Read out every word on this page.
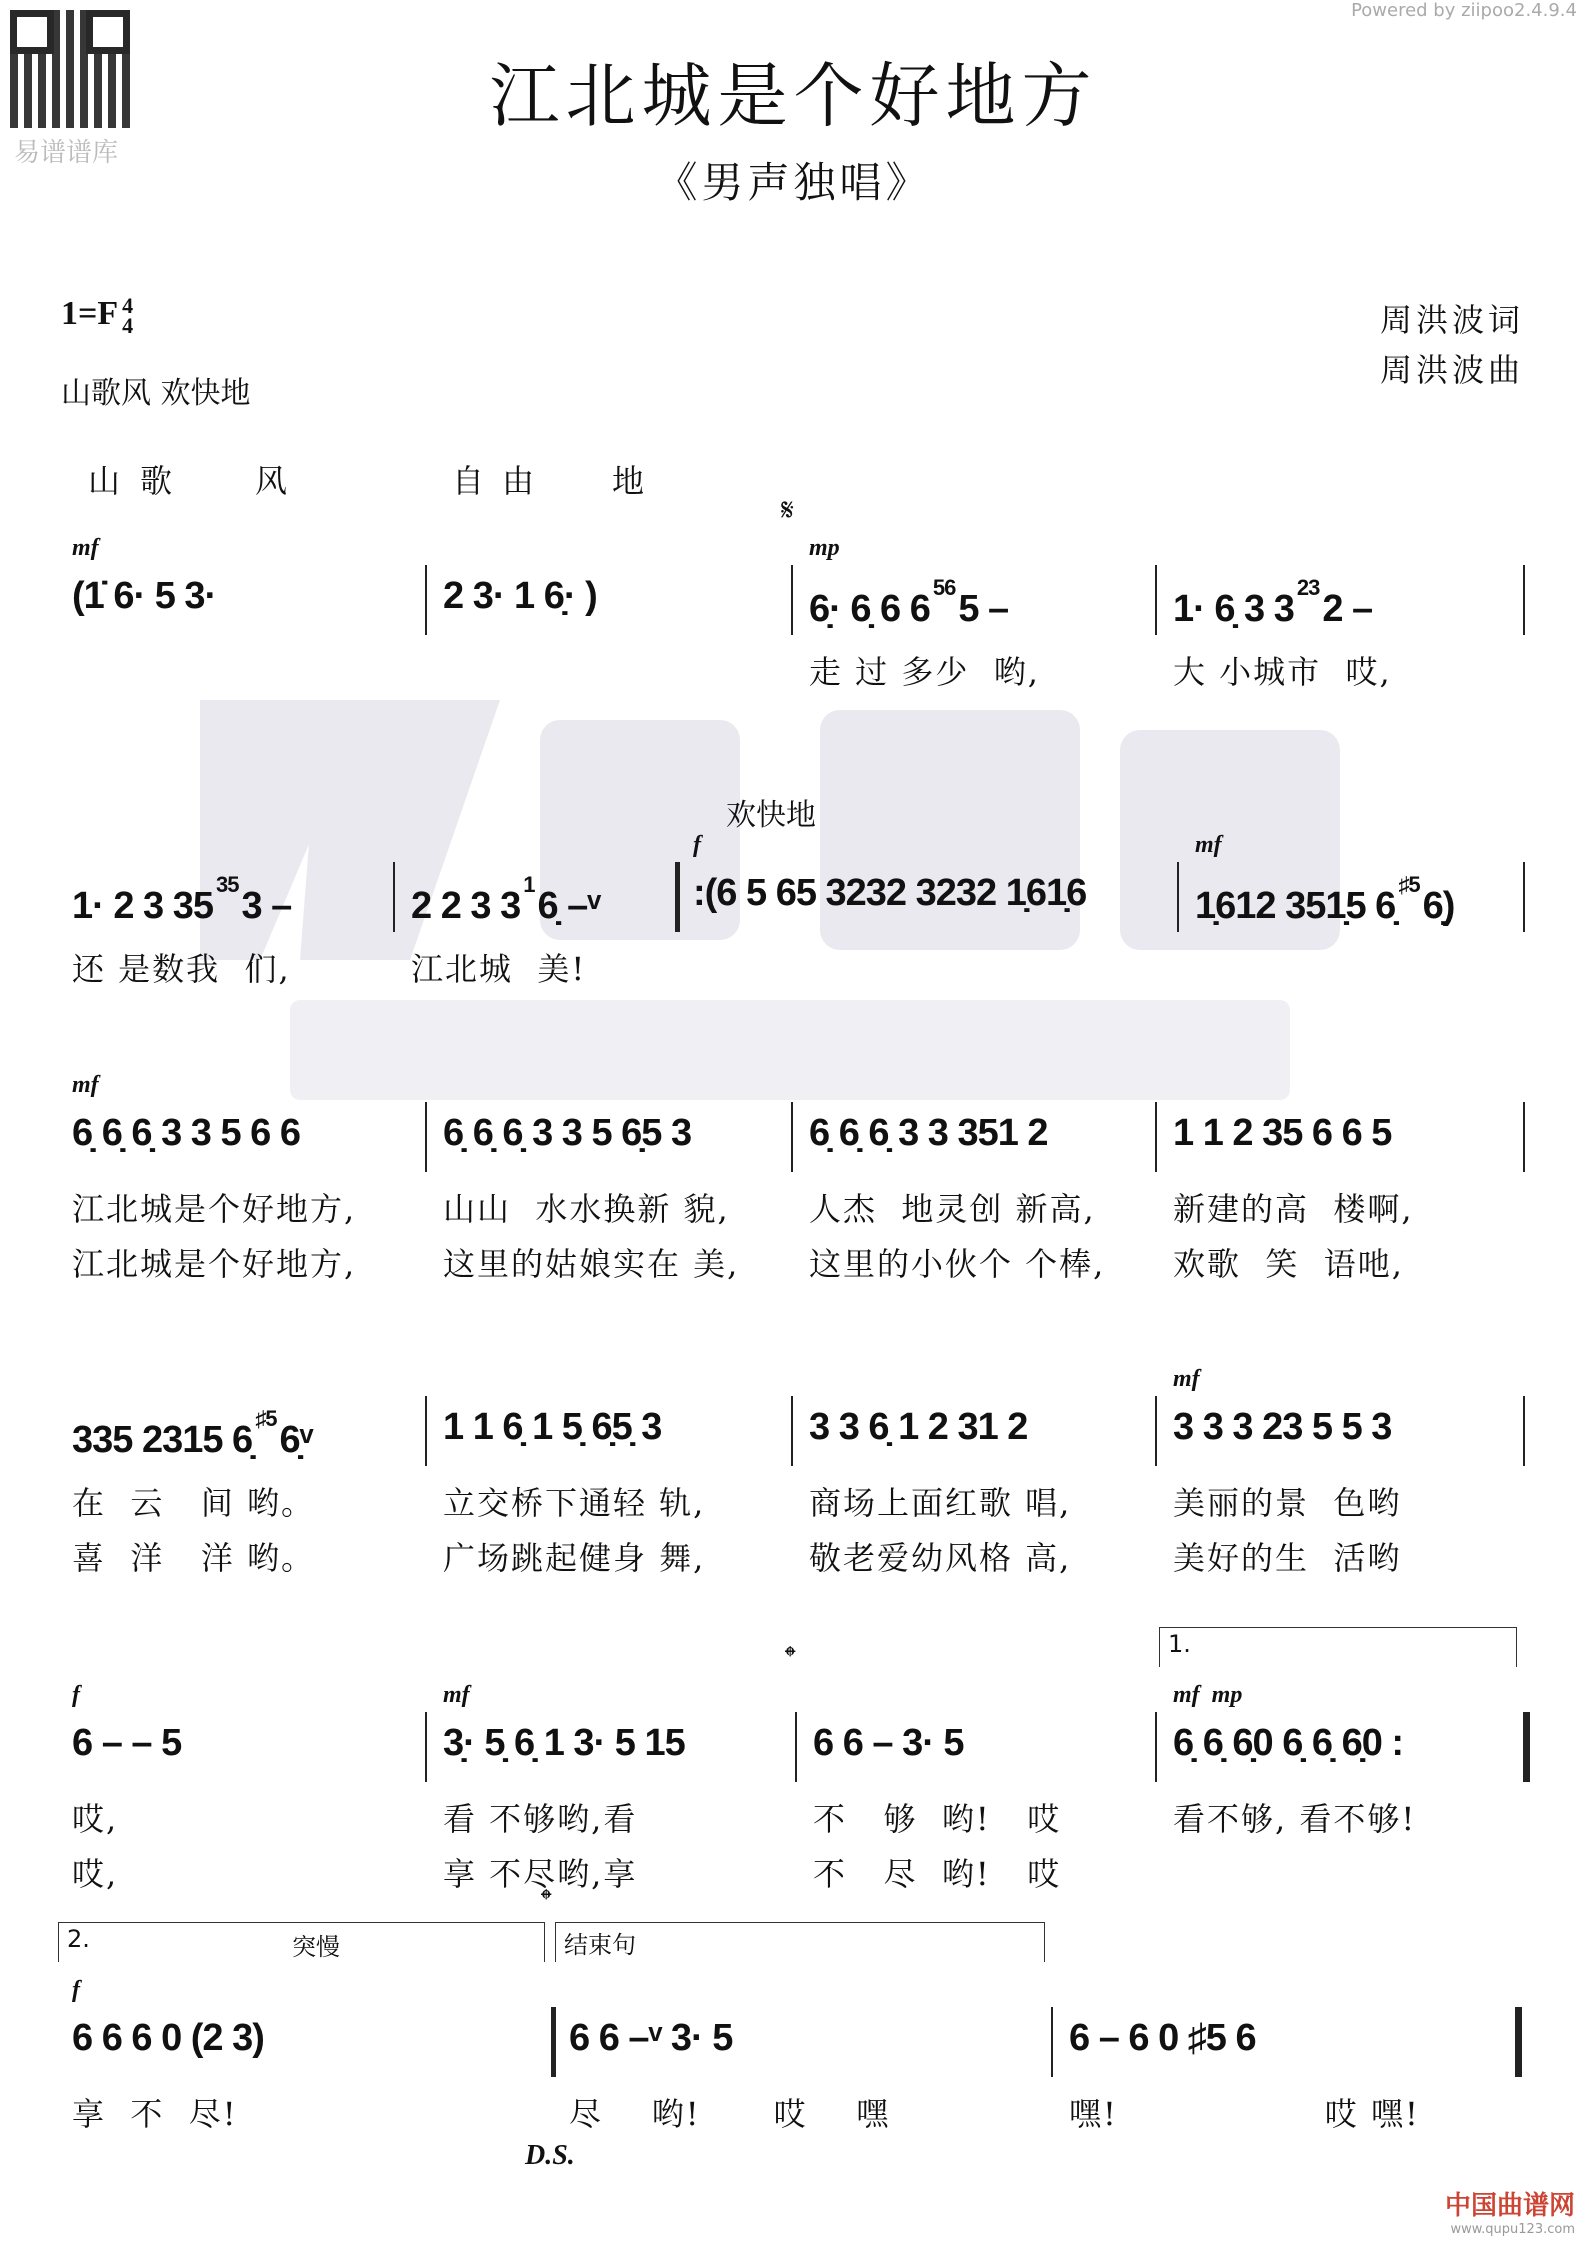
易谱谱库
Powered by ziipoo2.4.9.4
江北城是个好地方
《男声独唱》
1=F 4
4
山歌风 欢快地
周洪波词
周洪波曲
山 歌	风	自 由 地
欢快地
(1̇ 6· 5 3·
mf
2 3· 1 6̣· )	6̣· 6̣ 6 $6^{56}5$ –
mp
𝄋
走 过 多少  哟,
1· 6̣ 3 $3^{23}2$ –
大 小城市  哎,
1· 2 3 $35^{35}3$ –
还 是数我  们,
2 2 3 $3^16̣$ –ᵛ
江北城  美!
:(6 5 65 3232 3232 1̣61̣6
f
1̣612 351̣5 6̣$^{♯5}$6̣)
mf
6̣ 6̣ 6̣ 3 3 5 6 6
mf
江北城是个好地方,
江北城是个好地方,
6̣ 6̣ 6̣ 3 3 5 6̣5 3
山山  水水换新 貌,
这里的姑娘实在 美,
6̣ 6̣ 6̣ 3 3 351 2
人杰  地灵创 新高,
这里的小伙个 个棒,
1 1 2 35 6 6 5
新建的高  楼啊,
欢歌  笑  语吔,
335 2315 6̣$^{♯5}$6̣ᵛ
在  云   间 哟。
喜  洋   洋 哟。
1 1 6̣ 1 5̣ 6̣5̣ 3
立交桥下通轻 轨,
广场跳起健身 舞,
3 3 6̣ 1 2 31 2
商场上面红歌 唱,
敬老爱幼风格 高,
3 3 3 23 5 5 3
mf
美丽的景  色哟
美好的生  活哟
6 – – 5
f
哎,
哎,
3̣· 5̣ 6̣ 1 3· 5 15
mf
看 不够哟,看
享 不尽哟,享
6 6 – 3· 5
𝄌
不   够  哟!   哎
不   尽  哟!   哎
6̣ 6̣ 6̣0 6̣ 6̣ 6̣0 :
mf  mp
1.
看不够, 看不够!
6 6 6 0 (2 3)
f
2.	突慢
享  不  尽!
6 6 –ᵛ 3· 5
𝄌
结束句
尽    哟!      哎    嘿
6 – 6 0 ♯5 6
嘿!                 哎 嘿!
D.S.
中国曲谱网
www.qupu123.com
